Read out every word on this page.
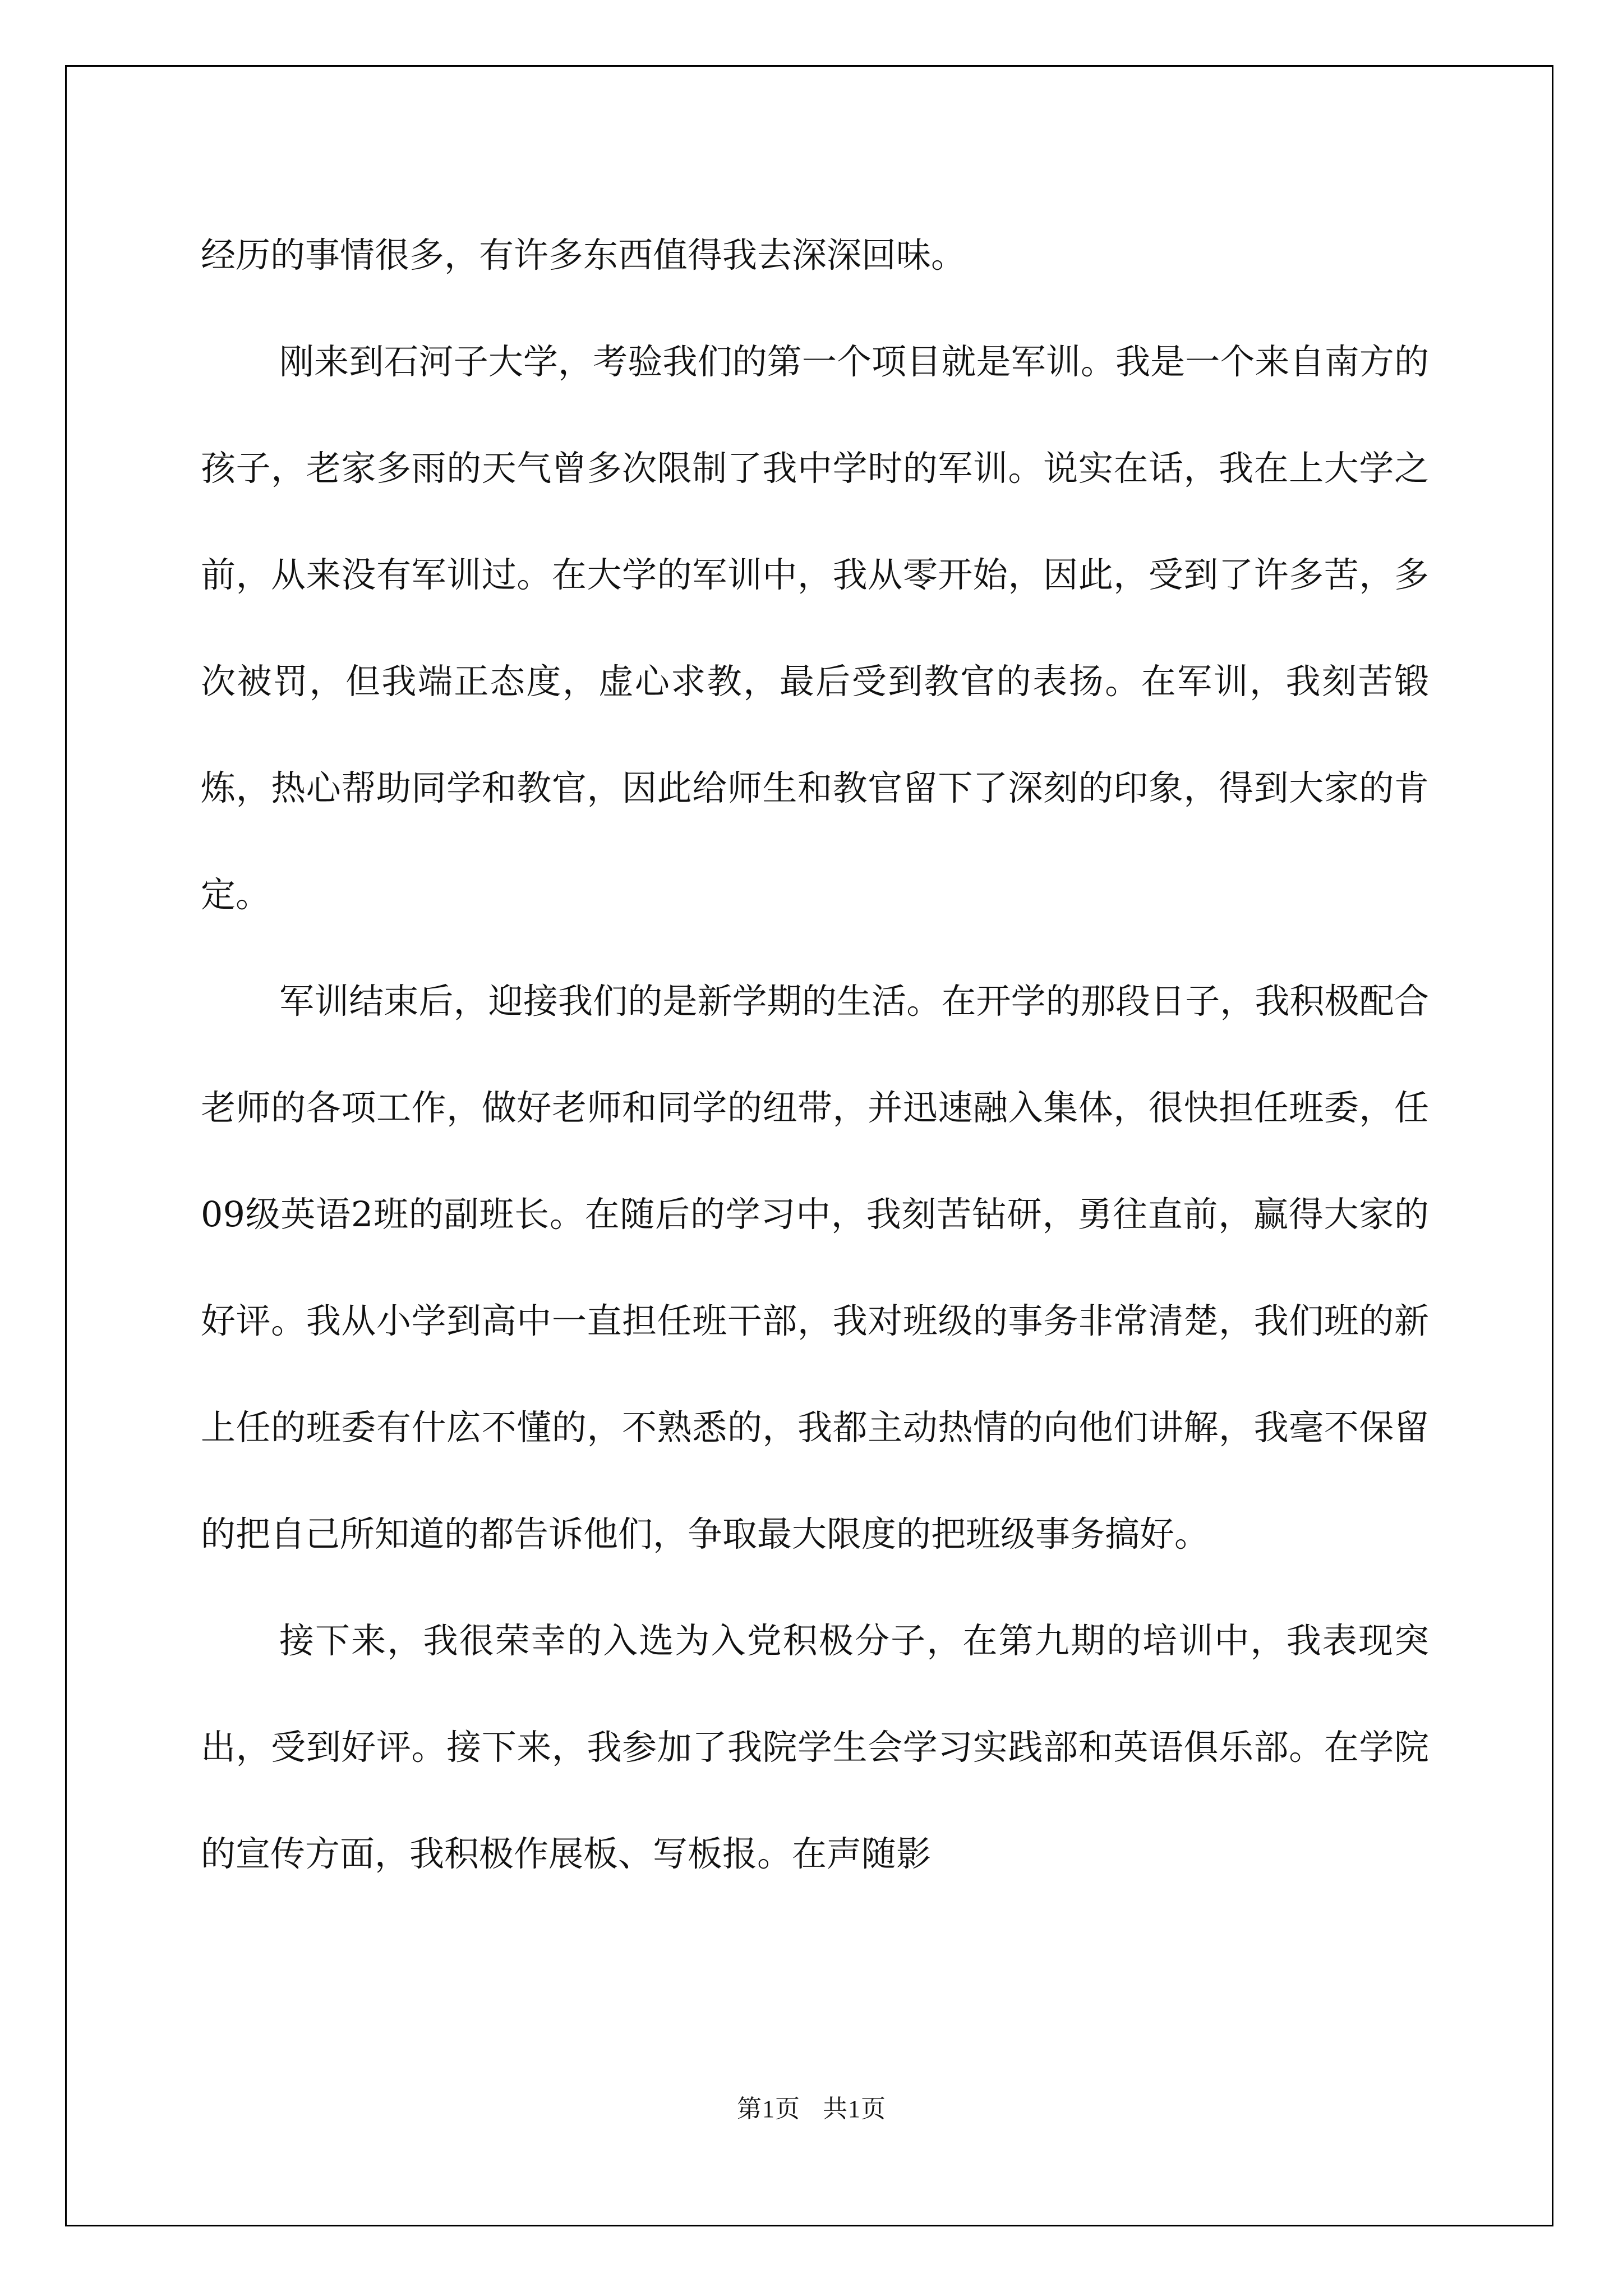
经历的事情很多，有许多东西值得我去深深回味。

刚来到石河子大学，考验我们的第一个项目就是军训。我是一个来自南方的孩子，老家多雨的天气曾多次限制了我中学时的军训。说实在话，我在上大学之前，从来没有军训过。在大学的军训中，我从零开始，因此，受到了许多苦，多次被罚，但我端正态度，虚心求教，最后受到教官的表扬。在军训，我刻苦锻炼，热心帮助同学和教官，因此给师生和教官留下了深刻的印象，得到大家的肯定。

军训结束后，迎接我们的是新学期的生活。在开学的那段日子，我积极配合老师的各项工作，做好老师和同学的纽带，并迅速融入集体，很快担任班委，任09级英语2班的副班长。在随后的学习中，我刻苦钻研，勇往直前，赢得大家的好评。我从小学到高中一直担任班干部，我对班级的事务非常清楚，我们班的新上任的班委有什庅不懂的，不熟悉的，我都主动热情的向他们讲解，我毫不保留的把自己所知道的都告诉他们，争取最大限度的把班级事务搞好。

接下来，我很荣幸的入选为入党积极分子，在第九期的培训中，我表现突出，受到好评。接下来，我参加了我院学生会学习实践部和英语俱乐部。在学院的宣传方面，我积极作展板、写板报。在声随影

第1页 共1页
